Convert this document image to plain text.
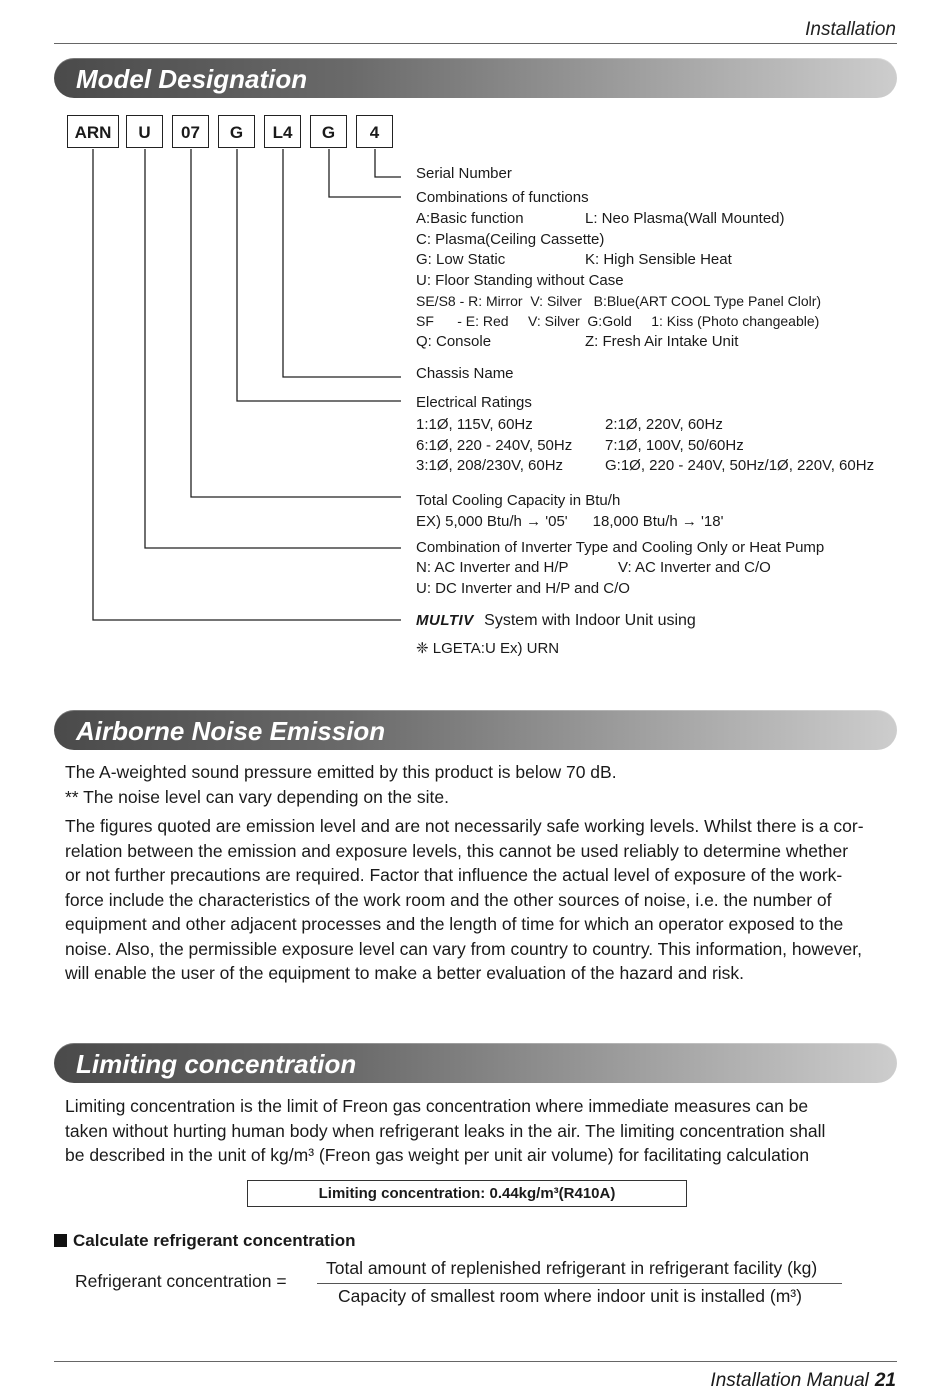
Installation
Model Designation
ARN	U	07	G	L4	G	4
Serial Number
Combinations of functions
A:Basic function	L: Neo Plasma(Wall Mounted)
C: Plasma(Ceiling Cassette)
G: Low Static	K: High Sensible Heat
U: Floor Standing without Case
SE/S8 - R: Mirror  V: Silver   B:Blue(ART COOL Type Panel Clolr)
SF      - E: Red     V: Silver  G:Gold     1: Kiss (Photo changeable)
Q: Console	Z: Fresh Air Intake Unit
Chassis Name
Electrical Ratings
1:1Ø, 115V, 60Hz	2:1Ø, 220V, 60Hz
6:1Ø, 220 - 240V, 50Hz 7:1Ø, 100V, 50/60Hz
3:1Ø, 208/230V, 60Hz	G:1Ø, 220 - 240V, 50Hz/1Ø, 220V, 60Hz
Total Cooling Capacity in Btu/h
EX) 5,000 Btu/h → '05'      18,000 Btu/h → '18'
Combination of Inverter Type and Cooling Only or Heat Pump
N: AC Inverter and H/P	V: AC Inverter and C/O
U: DC Inverter and H/P and C/O
MULTIV System with Indoor Unit using
❈ LGETA:U Ex) URN
Airborne Noise Emission

The A-weighted sound pressure emitted by this product is below 70 dB.

** The noise level can vary depending on the site.

The figures quoted are emission level and are not necessarily safe working levels. Whilst there is a cor-

relation between the emission and exposure levels, this cannot be used reliably to determine whether

or not further precautions are required. Factor that influence the actual level of exposure of the work-

force include the characteristics of the work room and the other sources of noise, i.e. the number of

equipment and other adjacent processes and the length of time for which an operator exposed to the

noise. Also, the permissible exposure level can vary from country to country. This information, however,

will enable the user of the equipment to make a better evaluation of the hazard and risk.

Limiting concentration

Limiting concentration is the limit of Freon gas concentration where immediate measures can be

taken without hurting human body when refrigerant leaks in the air. The limiting concentration shall

be described in the unit of kg/m³ (Freon gas weight per unit air volume) for facilitating calculation

Limiting concentration: 0.44kg/m³(R410A)
Calculate refrigerant concentration
Refrigerant concentration =
Total amount of replenished refrigerant in refrigerant facility (kg)
Capacity of smallest room where indoor unit is installed (m³)
Installation Manual 21
